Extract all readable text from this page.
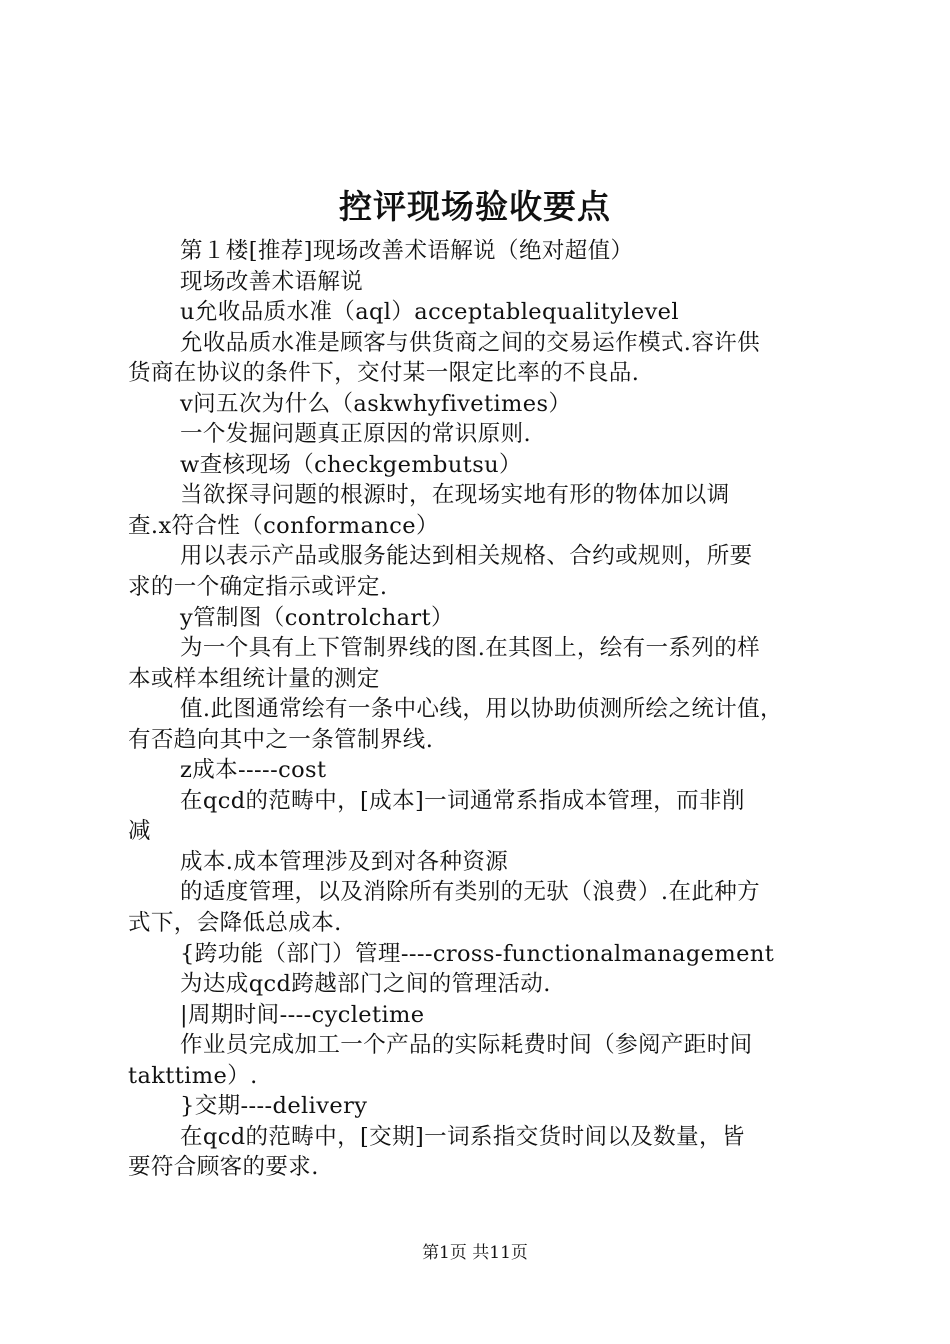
控评现场验收要点
第１楼[推荐]现场改善术语解说（绝对超值）
现场改善术语解说
u允收品质水准（aql）acceptablequalitylevel
允收品质水准是顾客与供货商之间的交易运作模式.容许供
货商在协议的条件下，交付某一限定比率的不良品.
v问五次为什么（askwhyfivetimes）
一个发掘问题真正原因的常识原则.
w查核现场（checkgembutsu）
当欲探寻问题的根源时，在现场实地有形的物体加以调
查.x符合性（conformance）
用以表示产品或服务能达到相关规格、合约或规则，所要
求的一个确定指示或评定.
y管制图（controlchart）
为一个具有上下管制界线的图.在其图上，绘有一系列的样
本或样本组统计量的测定
值.此图通常绘有一条中心线，用以协助侦测所绘之统计值，
有否趋向其中之一条管制界线.
z成本-----cost
在qcd的范畴中，[成本]一词通常系指成本管理，而非削
减
成本.成本管理涉及到对各种资源
的适度管理，以及消除所有类别的无驮（浪费）.在此种方
式下，会降低总成本.
{跨功能（部门）管理----cross-functionalmanagement
为达成qcd跨越部门之间的管理活动.
|周期时间----cycletime
作业员完成加工一个产品的实际耗费时间（参阅产距时间
takttime）.
}交期----delivery
在qcd的范畴中，[交期]一词系指交货时间以及数量，皆
要符合顾客的要求.
第1页 共11页
